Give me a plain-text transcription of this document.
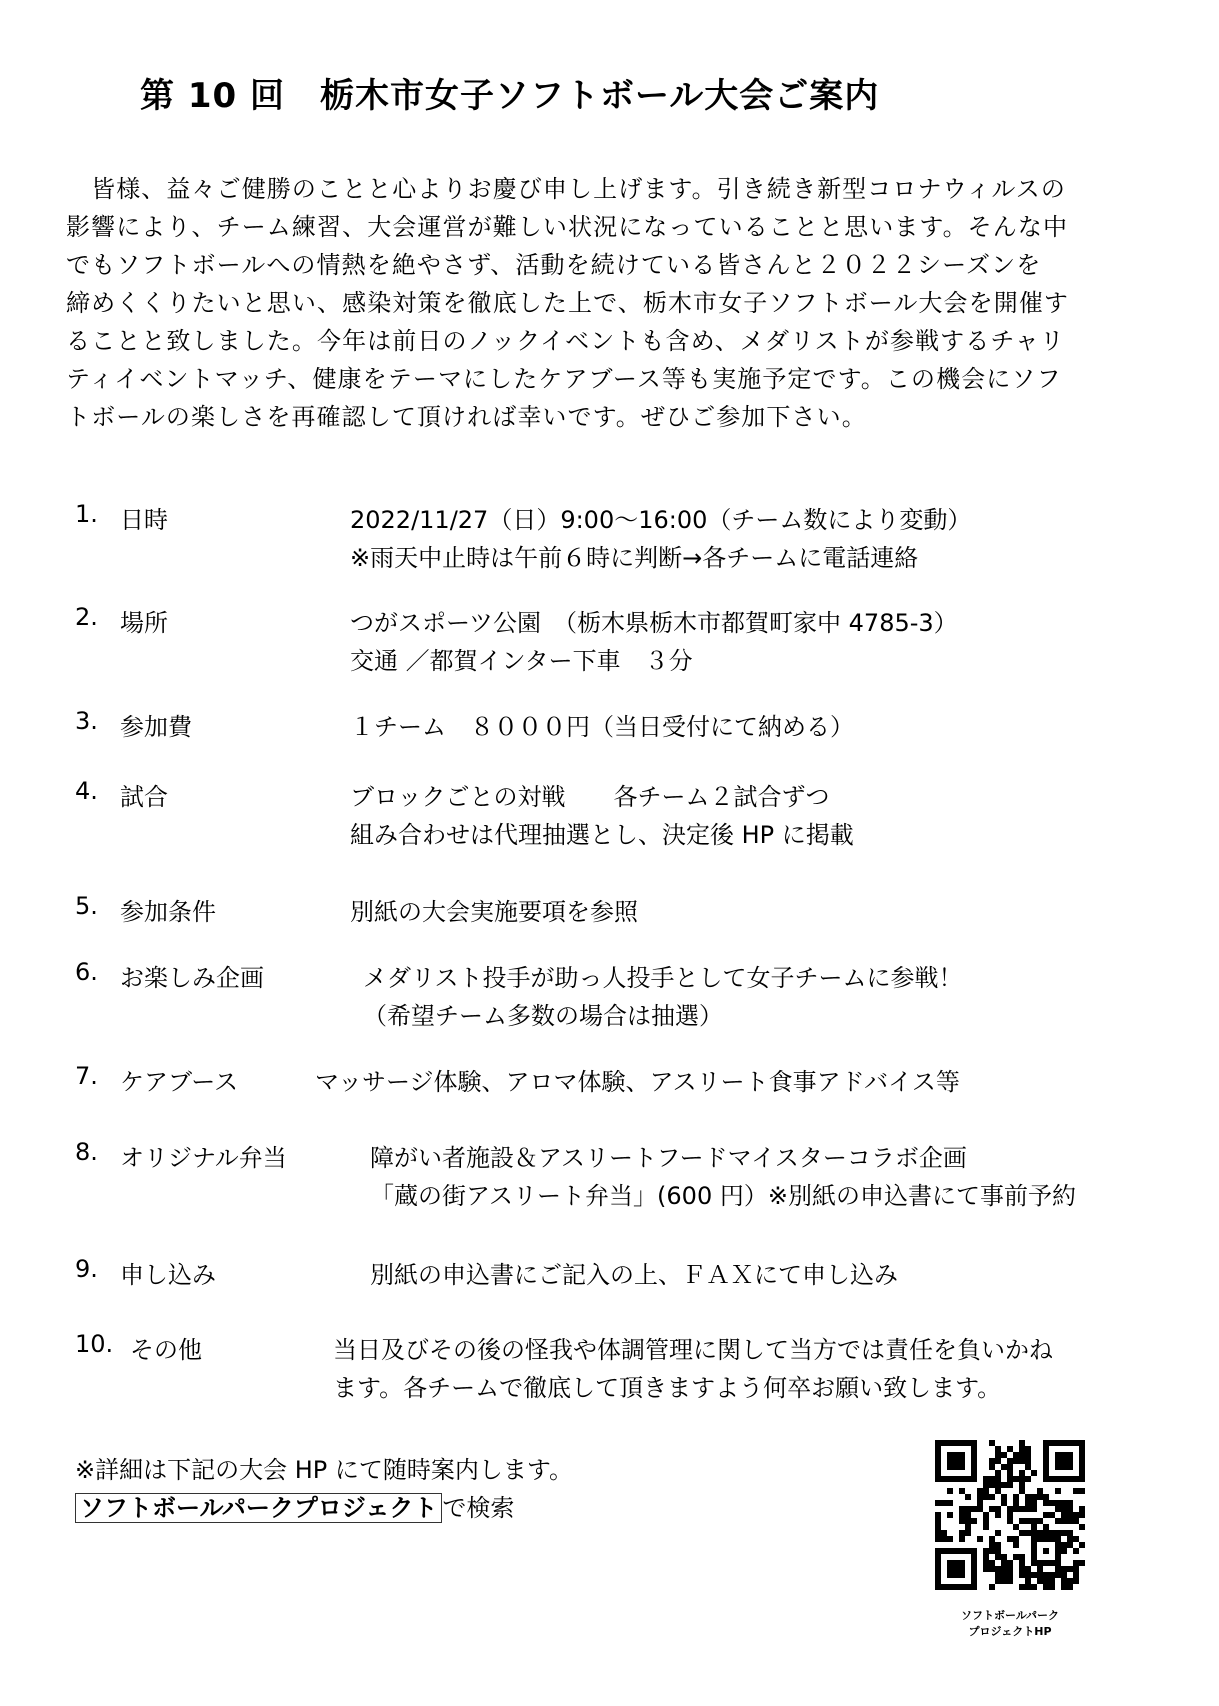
第 10 回　栃木市女子ソフトボール大会ご案内
　皆様、益々ご健勝のことと心よりお慶び申し上げます。引き続き新型コロナウィルスの
影響により、チーム練習、大会運営が難しい状況になっていることと思います。そんな中
でもソフトボールへの情熱を絶やさず、活動を続けている皆さんと２０２２シーズンを
締めくくりたいと思い、感染対策を徹底した上で、栃木市女子ソフトボール大会を開催す
ることと致しました。今年は前日のノックイベントも含め、メダリストが参戦するチャリ
ティイベントマッチ、健康をテーマにしたケアブース等も実施予定です。この機会にソフ
トボールの楽しさを再確認して頂ければ幸いです。ぜひご参加下さい。
1. 日時	2022/11/27（日）9:00～16:00（チーム数により変動）
※雨天中止時は午前６時に判断→各チームに電話連絡
2. 場所	つがスポーツ公園　（栃木県栃木市都賀町家中 4785-3）
交通 ／都賀インター下車　３分
3. 参加費	１チーム　８０００円（当日受付にて納める）
4. 試合	ブロックごとの対戦　　各チーム２試合ずつ
組み合わせは代理抽選とし、決定後 HP に掲載
5. 参加条件	別紙の大会実施要項を参照
6. お楽しみ企画	メダリスト投手が助っ人投手として女子チームに参戦！
（希望チーム多数の場合は抽選）
7. ケアブース	マッサージ体験、アロマ体験、アスリート食事アドバイス等
8. オリジナル弁当	障がい者施設＆アスリートフードマイスターコラボ企画
「蔵の街アスリート弁当」(600 円）※別紙の申込書にて事前予約
9. 申し込み	別紙の申込書にご記入の上、ＦＡＸにて申し込み
10. その他	当日及びその後の怪我や体調管理に関して当方では責任を負いかね
ます。各チームで徹底して頂きますよう何卒お願い致します。
※詳細は下記の大会 HP にて随時案内します。
ソフトボールパークプロジェクト で検索
ソフトボールパーク
プロジェクトHP
